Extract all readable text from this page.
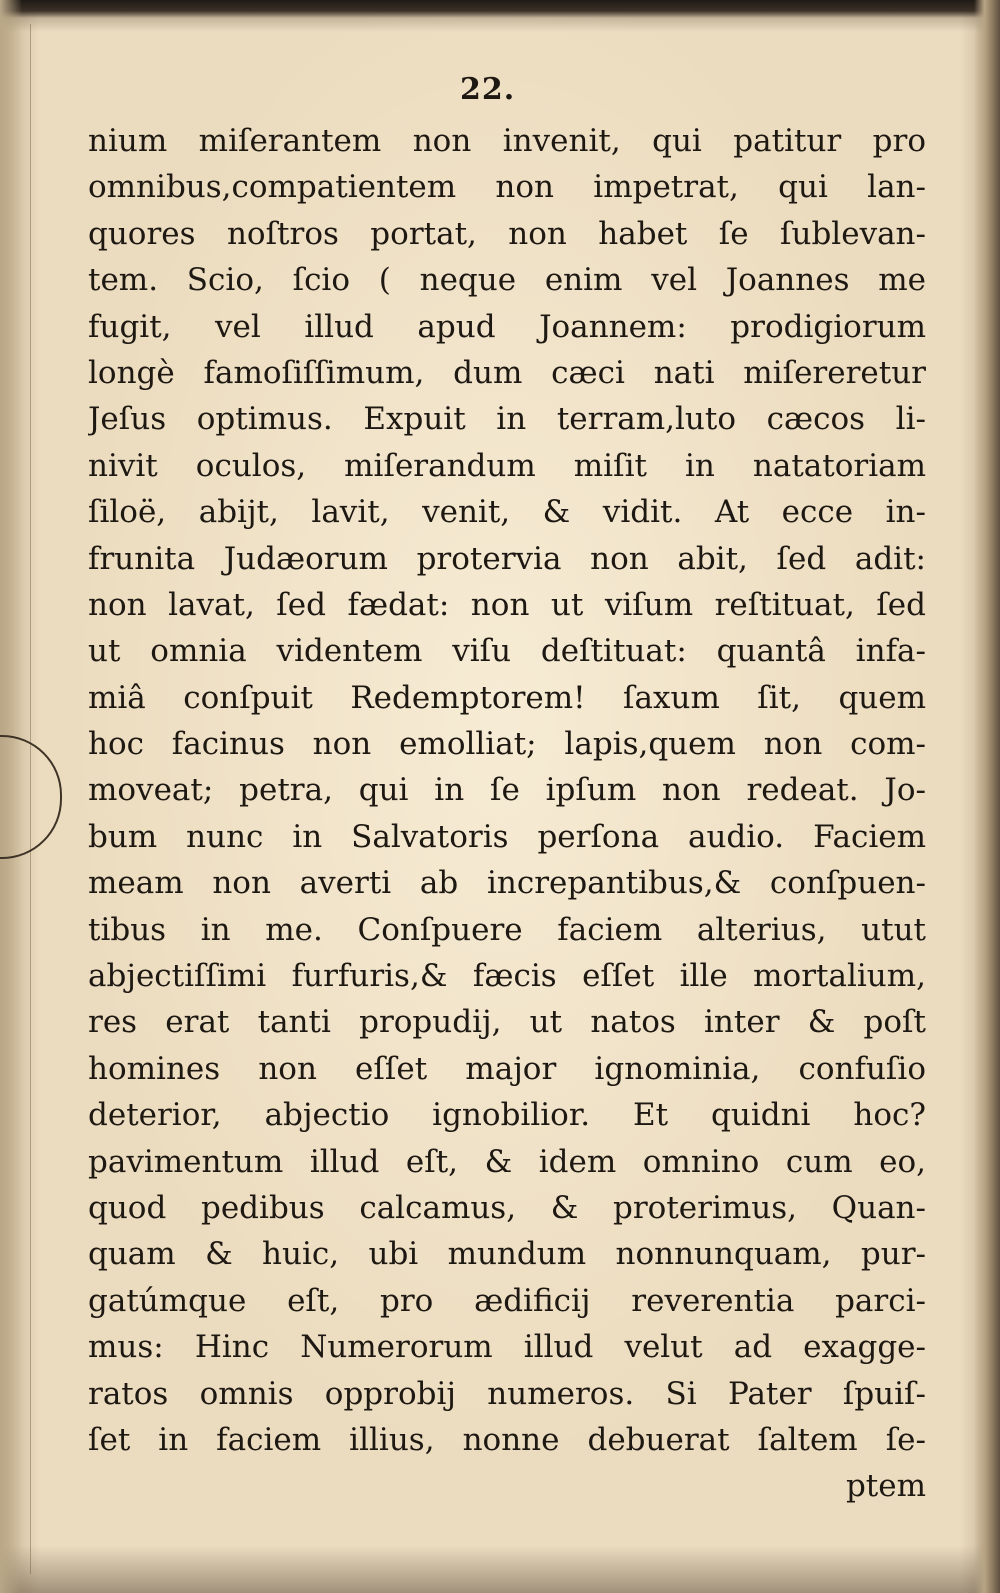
22.
nium miſerantem non invenit, qui patitur pro
omnibus,compatientem non impetrat, qui lan-
quores noſtros portat, non habet ſe ſublevan-
tem. Scio, ſcio ( neque enim vel Joannes me
fugit, vel illud apud Joannem: prodigiorum
longè famoſiſſimum, dum cæci nati miſereretur
Jeſus optimus. Expuit in terram,luto cæcos li-
nivit oculos, miſerandum miſit in natatoriam
ſiloë, abijt, lavit, venit, & vidit. At ecce in-
frunita Judæorum protervia non abit, ſed adit:
non lavat, ſed fædat: non ut viſum reſtituat, ſed
ut omnia videntem viſu deſtituat: quantâ infa-
miâ conſpuit Redemptorem! ſaxum ſit, quem
hoc facinus non emolliat; lapis,quem non com-
moveat; petra, qui in ſe ipſum non redeat. Jo-
bum nunc in Salvatoris perſona audio. Faciem
meam non averti ab increpantibus,& conſpuen-
tibus in me. Conſpuere faciem alterius, utut
abjectiſſimi furfuris,& fæcis eſſet ille mortalium,
res erat tanti propudij, ut natos inter & poſt
homines non eſſet major ignominia, confuſio
deterior, abjectio ignobilior. Et quidni hoc?
pavimentum illud eſt, & idem omnino cum eo,
quod pedibus calcamus, & proterimus, Quan-
quam & huic, ubi mundum nonnunquam, pur-
gatúmque eſt, pro ædificij reverentia parci-
mus: Hinc Numerorum illud velut ad exagge-
ratos omnis opprobij numeros. Si Pater ſpuiſ-
ſet in faciem illius, nonne debuerat ſaltem ſe-
ptem
